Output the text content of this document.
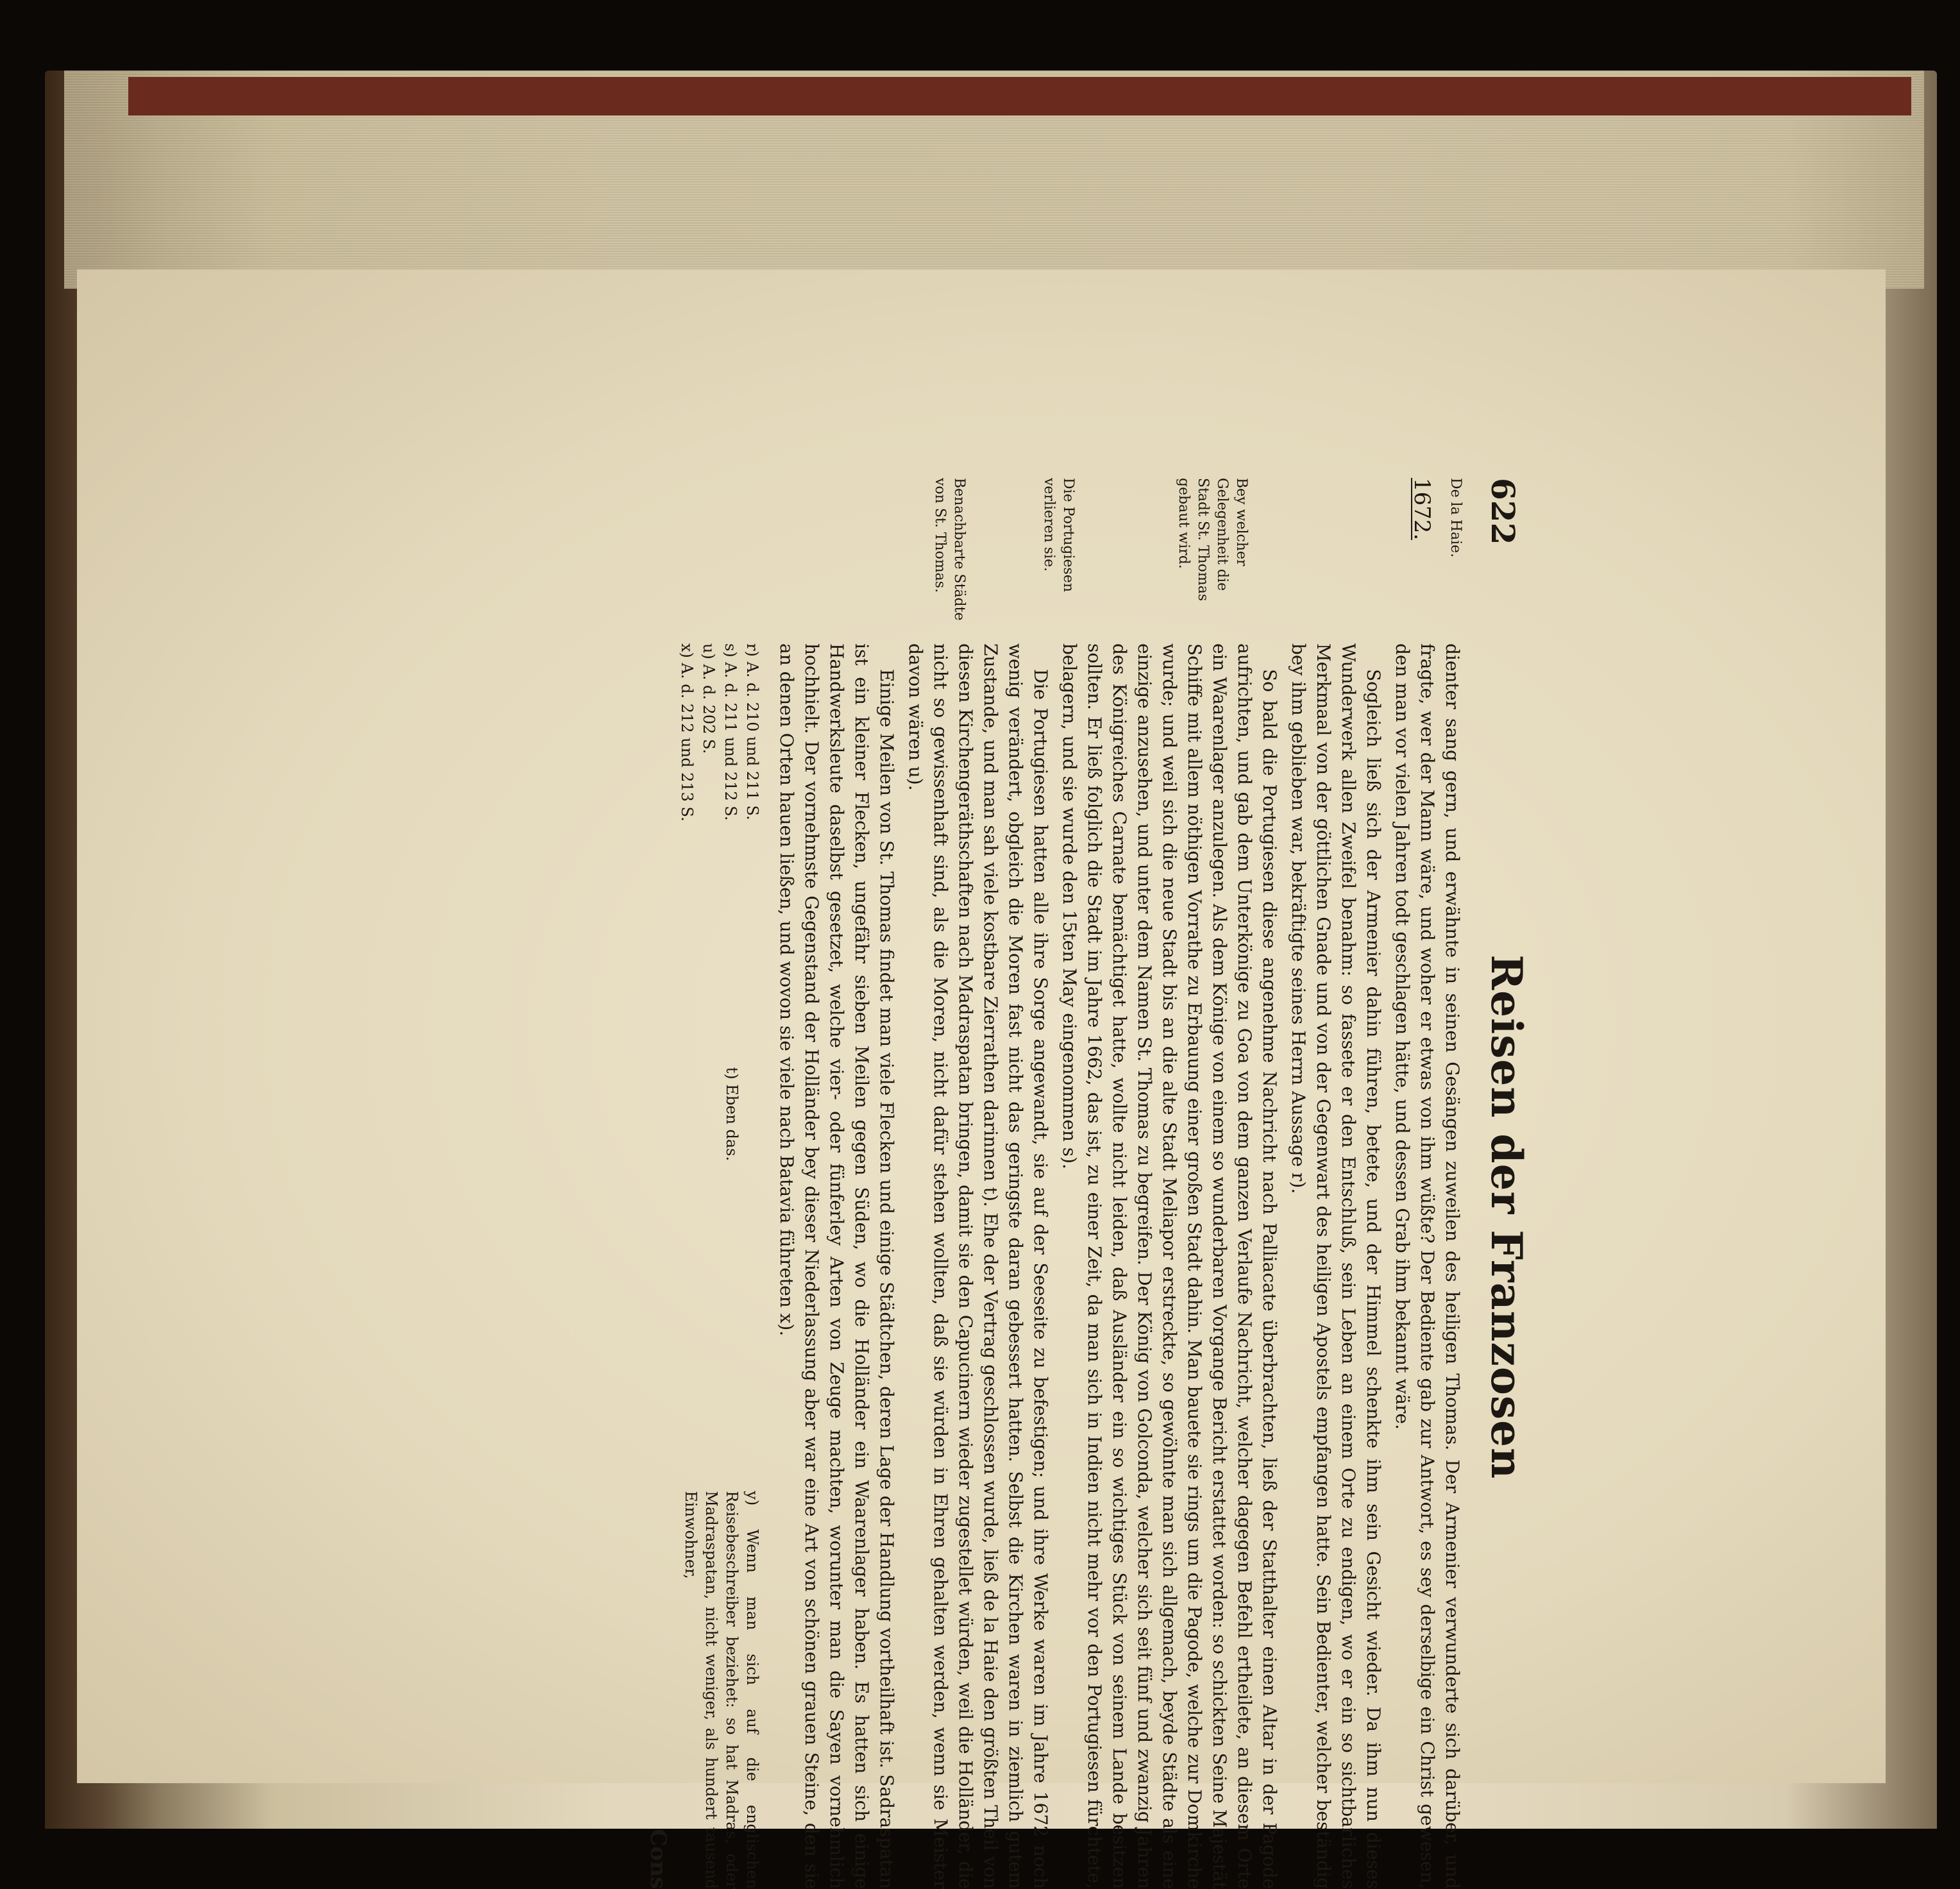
622
Reisen der Franzosen
De la Haie.
1672.
Bey welcher Gelegenheit die Stadt St. Thomas gebaut wird.
Die Portugiesen verlieren sie.
Benachbarte Städte von St. Thomas.

dienter sang gern, und erwähnte in seinen Gesängen zuweilen des heiligen Thomas. Der Armenier verwunderte sich darüber, und fragte, wer der Mann wäre, und woher er etwas von ihm wüßte? Der Bediente gab zur Antwort, es sey derselbige ein Christ gewesen, den man vor vielen Jahren todt geschlagen hätte, und dessen Grab ihm bekannt wäre.

Sogleich ließ sich der Armenier dahin führen, betete, und der Himmel schenkte ihm sein Gesicht wieder. Da ihm nun dieses Wunderwerk allen Zweifel benahm: so fassete er den Entschluß, sein Leben an einem Orte zu endigen, wo er ein so sichtbarliches Merkmaal von der göttlichen Gnade und von der Gegenwart des heiligen Apostels empfangen hatte. Sein Bedienter, welcher beständig bey ihm geblieben war, bekräftigte seines Herrn Aussage r).

So bald die Portugiesen diese angenehme Nachricht nach Palliacate überbrachten, ließ der Statthalter einen Altar in der Pagode aufrichten, und gab dem Unterkönige zu Goa von dem ganzen Verlaufe Nachricht, welcher dagegen Befehl ertheilete, an diesem Orte ein Waarenlager anzulegen. Als dem Könige von einem so wunderbaren Vorgange Bericht erstattet worden: so schickten Seine Majestät Schiffe mit allem nöthigen Vorrathe zu Erbauung einer großen Stadt dahin. Man bauete sie rings um die Pagode, welche zur Domkirche wurde; und weil sich die neue Stadt bis an die alte Stadt Meliapor erstreckte, so gewöhnte man sich allgemach, beyde Städte als eine einzige anzusehen, und unter dem Namen St. Thomas zu begreifen. Der König von Golconda, welcher sich seit fünf und zwanzig Jahren des Königreiches Carnate bemächtiget hatte, wollte nicht leiden, daß Ausländer ein so wichtiges Stück von seinem Lande besitzen sollten. Er ließ folglich die Stadt im Jahre 1662, das ist, zu einer Zeit, da man sich in Indien nicht mehr vor den Portugiesen fürchtete, belagern, und sie wurde den 15ten May eingenommen s).

Die Portugiesen hatten alle ihre Sorge angewandt, sie auf der Seeseite zu befestigen; und ihre Werke waren im Jahre 1672 noch wenig verändert, obgleich die Moren fast nicht das geringste daran gebessert hatten. Selbst die Kirchen waren in ziemlich gutem Zustande, und man sah viele kostbare Zierrathen darinnen t). Ehe der Vertrag geschlossen wurde, ließ de la Haie den größten Theil von diesen Kirchengeräthschaften nach Madraspatan bringen, damit sie den Capucinern wieder zugestellet würden, weil die Holländer, die nicht so gewissenhaft sind, als die Moren, nicht dafür stehen wollten, daß sie würden in Ehren gehalten werden, wenn sie Meister davon wären u).

Einige Meilen von St. Thomas findet man viele Flecken und einige Städtchen, deren Lage der Handlung vortheilhaft ist. Sadraspatan ist ein kleiner Flecken, ungefähr sieben Meilen gegen Süden, wo die Holländer ein Waarenlager haben. Es hatten sich einige Handwerksleute daselbst gesetzet, welche vier- oder fünferley Arten von Zeuge machten, worunter man die Sayen vornehmlich hochhielt. Der vornehmste Gegenstand der Holländer bey dieser Niederlassung aber war eine Art von schönen grauen Steine, den sie an denen Orten hauen ließen, und wovon sie viele nach Batavia führeten x).

r) A. d. 210 und 211 S.
s) A. d. 211 und 212 S.
u) A. d. 202 S.
x) A. d. 212 und 213 S.
t) Eben das.
y) Wenn man sich auf die englischen Reisebeschreiber beziehet: so hat Madras, oder Madraspatan, nicht weniger, als hundert tausend Einwohner,
Cons
